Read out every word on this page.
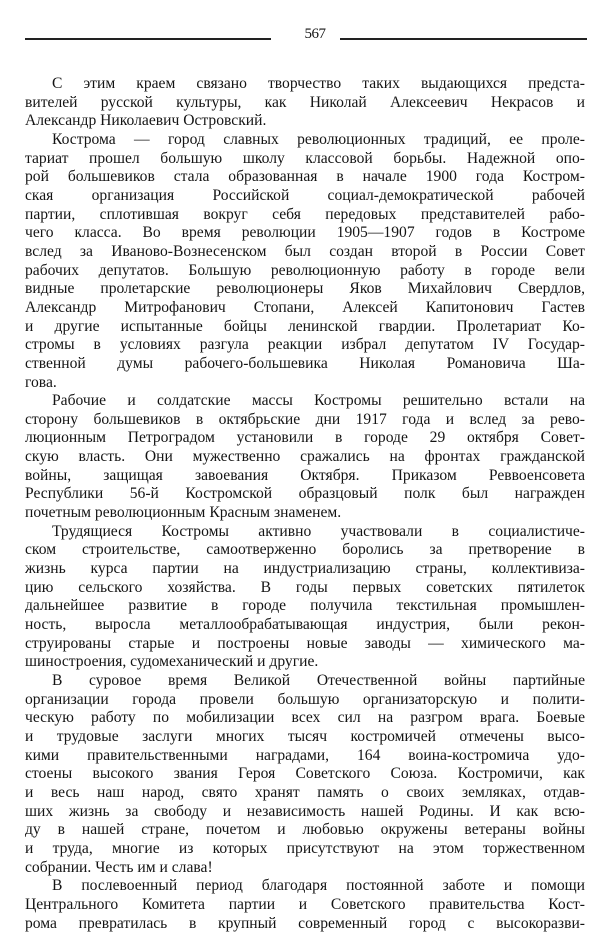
567
С этим краем связано творчество таких выдающихся предста-
вителей русской культуры, как Николай Алексеевич Некрасов и
Александр Николаевич Островский.
Кострома — город славных революционных традиций, ее проле-
тариат прошел большую школу классовой борьбы. Надежной опо-
рой большевиков стала образованная в начале 1900 года Костром-
ская организация Российской социал-демократической рабочей
партии, сплотившая вокруг себя передовых представителей рабо-
чего класса. Во время революции 1905—1907 годов в Костроме
вслед за Иваново-Вознесенском был создан второй в России Совет
рабочих депутатов. Большую революционную работу в городе вели
видные пролетарские революционеры Яков Михайлович Свердлов,
Александр Митрофанович Стопани, Алексей Капитонович Гастев
и другие испытанные бойцы ленинской гвардии. Пролетариат Ко-
стромы в условиях разгула реакции избрал депутатом IV Государ-
ственной думы рабочего-большевика Николая Романовича Ша-
гова.
Рабочие и солдатские массы Костромы решительно встали на
сторону большевиков в октябрьские дни 1917 года и вслед за рево-
люционным Петроградом установили в городе 29 октября Совет-
скую власть. Они мужественно сражались на фронтах гражданской
войны, защищая завоевания Октября. Приказом Реввоенсовета
Республики 56-й Костромской образцовый полк был награжден
почетным революционным Красным знаменем.
Трудящиеся Костромы активно участвовали в социалистиче-
ском строительстве, самоотверженно боролись за претворение в
жизнь курса партии на индустриализацию страны, коллективиза-
цию сельского хозяйства. В годы первых советских пятилеток
дальнейшее развитие в городе получила текстильная промышлен-
ность, выросла металлообрабатывающая индустрия, были рекон-
струированы старые и построены новые заводы — химического ма-
шиностроения, судомеханический и другие.
В суровое время Великой Отечественной войны партийные
организации города провели большую организаторскую и полити-
ческую работу по мобилизации всех сил на разгром врага. Боевые
и трудовые заслуги многих тысяч костромичей отмечены высо-
кими правительственными наградами, 164 воина-костромича удо-
стоены высокого звания Героя Советского Союза. Костромичи, как
и весь наш народ, свято хранят память о своих земляках, отдав-
ших жизнь за свободу и независимость нашей Родины. И как всю-
ду в нашей стране, почетом и любовью окружены ветераны войны
и труда, многие из которых присутствуют на этом торжественном
собрании. Честь им и слава!
В послевоенный период благодаря постоянной заботе и помощи
Центрального Комитета партии и Советского правительства Кост-
рома превратилась в крупный современный город с высокоразви-
